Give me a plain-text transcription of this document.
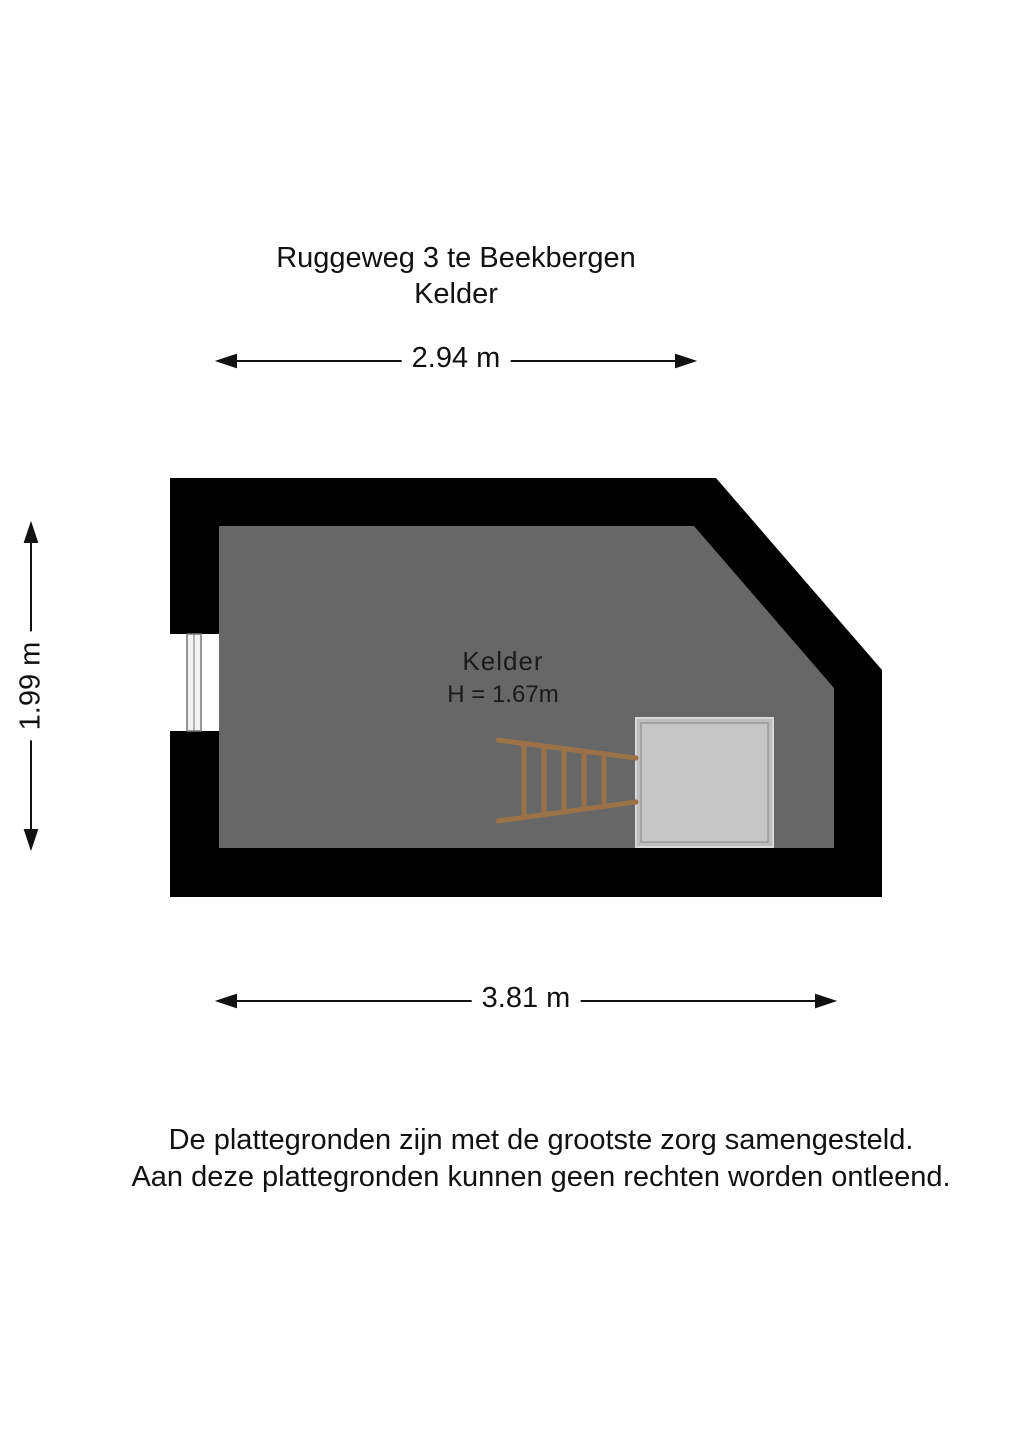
Ruggeweg 3 te Beekbergen
Kelder
2.94 m
3.81 m
1.99 m	Kelder
H = 1.67m
De plattegronden zijn met de grootste zorg samengesteld.
Aan deze plattegronden kunnen geen rechten worden ontleend.
